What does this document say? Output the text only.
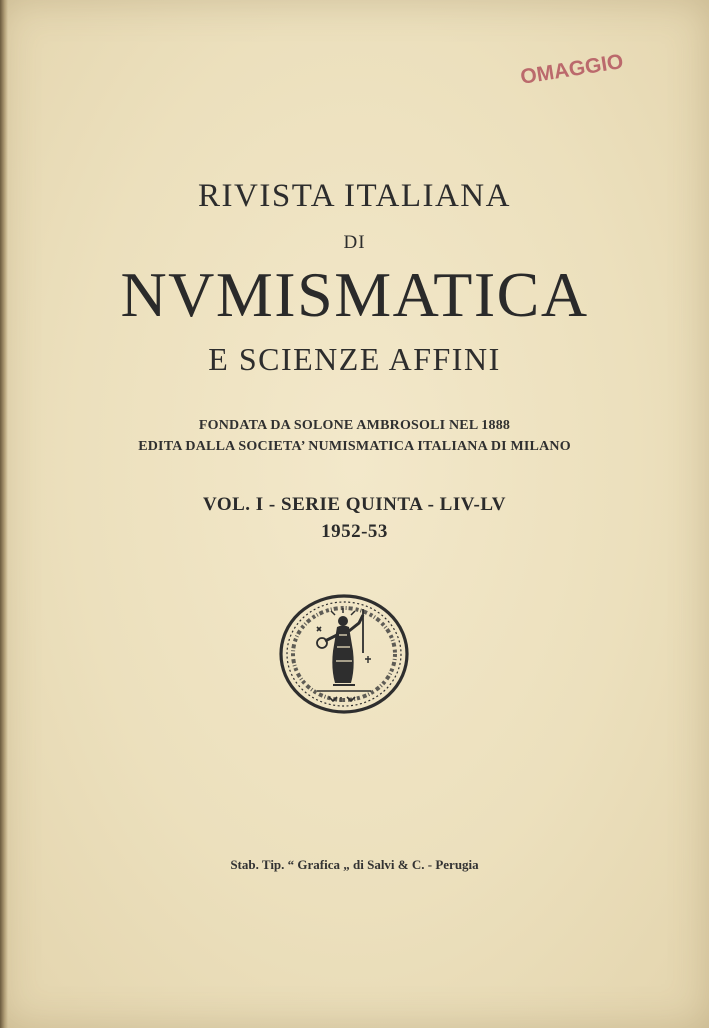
OMAGGIO
RIVISTA ITALIANA
DI
NVMISMATICA
E SCIENZE AFFINI
FONDATA DA SOLONE AMBROSOLI NEL 1888
EDITA DALLA SOCIETA’ NUMISMATICA ITALIANA DI MILANO
VOL. I - SERIE QUINTA - LIV-LV
1952-53
Stab. Tip. “ Grafica „ di Salvi & C. - Perugia
